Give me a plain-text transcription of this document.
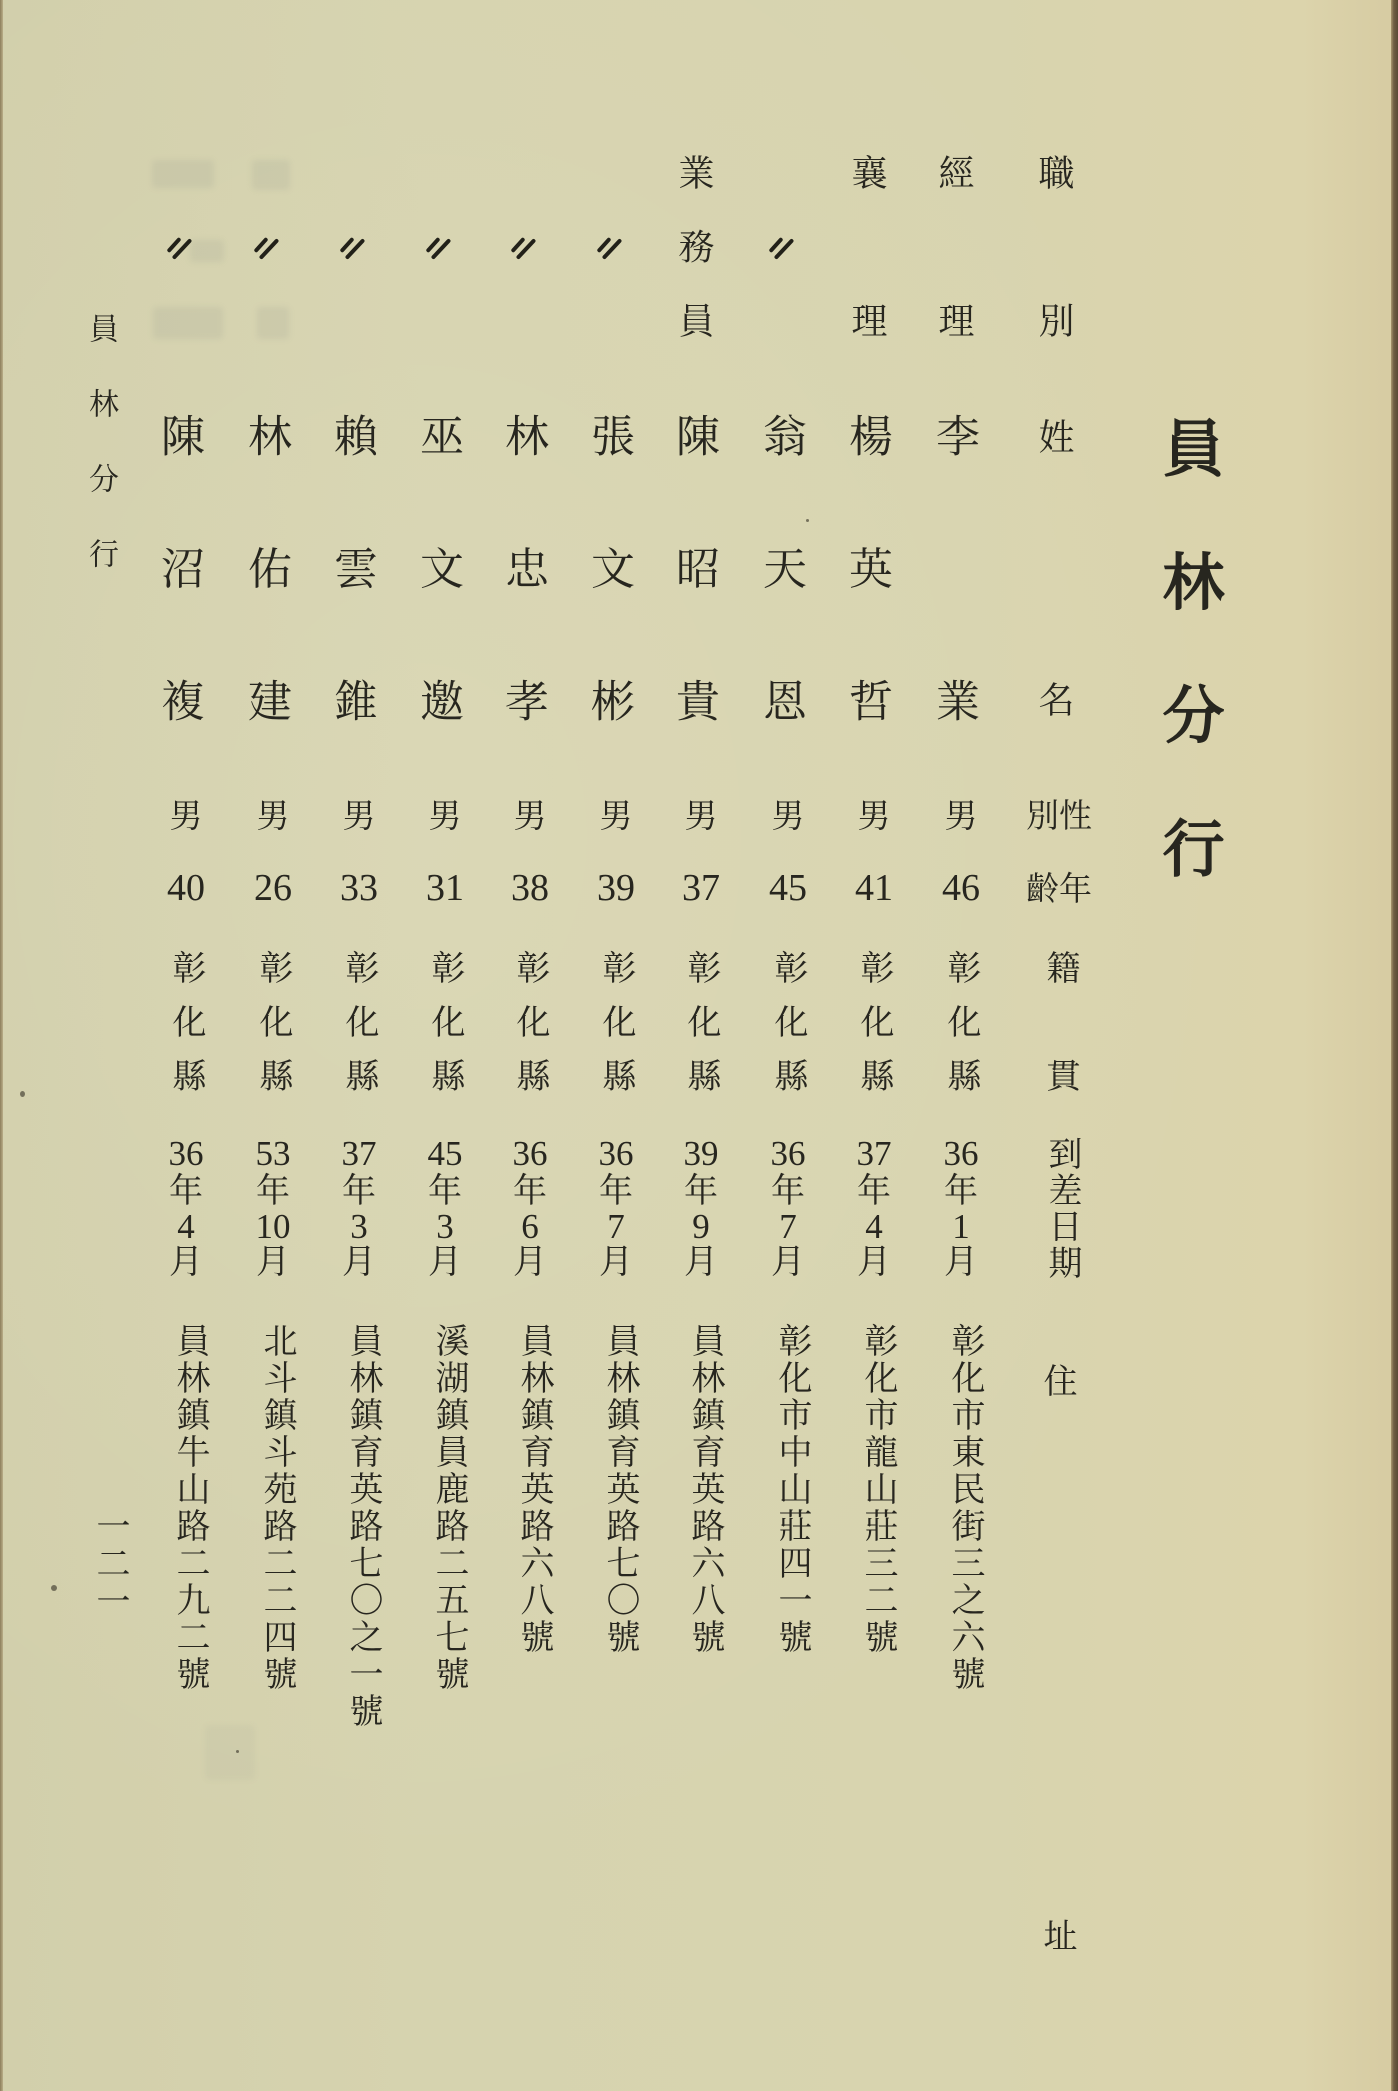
員林分行
員林分行
一二一
職別
姓名
性別
年齡
籍貫
到差日期
住址
經理
李業
男
46
彰化縣
36
年
1
月
彰化市東民街三之六號
襄理
楊英哲
男
41
彰化縣
37
年
4
月
彰化市龍山莊三二號
翁天恩
男
45
彰化縣
36
年
7
月
彰化市中山莊四一號
業務員
陳昭貴
男
37
彰化縣
39
年
9
月
員林鎮育英路六八號
張文彬
男
39
彰化縣
36
年
7
月
員林鎮育英路七〇號
林忠孝
男
38
彰化縣
36
年
6
月
員林鎮育英路六八號
巫文邀
男
31
彰化縣
45
年
3
月
溪湖鎮員鹿路二五七號
賴雲錐
男
33
彰化縣
37
年
3
月
員林鎮育英路七〇之一號
林佑建
男
26
彰化縣
53
年
10
月
北斗鎮斗苑路二二四號
陳沼複
男
40
彰化縣
36
年
4
月
員林鎮牛山路二九二號
